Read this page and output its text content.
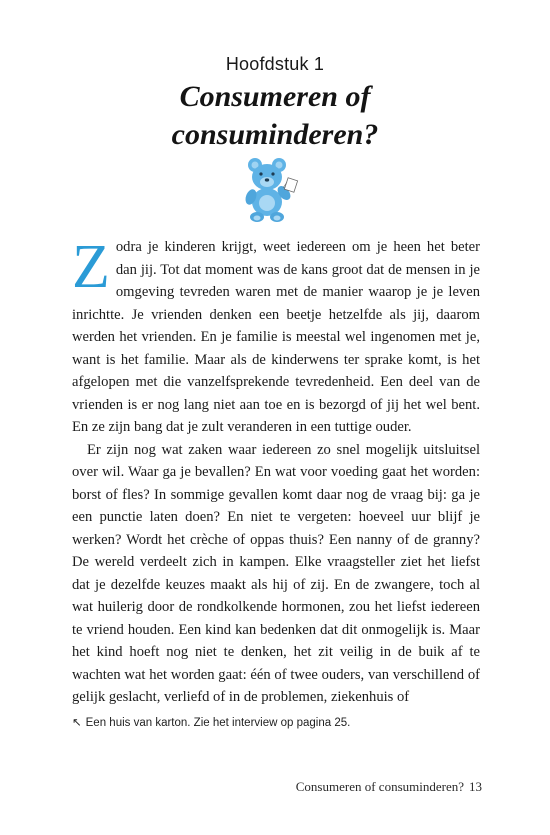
Hoofdstuk 1
Consumeren of
consuminderen?

Zodra je kinderen krijgt, weet iedereen om je heen het beter dan jij. Tot dat moment was de kans groot dat de mensen in je omgeving tevreden waren met de manier waarop je je leven inrichtte. Je vrienden denken een beetje hetzelfde als jij, daarom werden het vrienden. En je familie is meestal wel ingenomen met je, want is het familie. Maar als de kinderwens ter sprake komt, is het afgelopen met die vanzelfsprekende tevredenheid. Een deel van de vrienden is er nog lang niet aan toe en is bezorgd of jij het wel bent. En ze zijn bang dat je zult veranderen in een tuttige ouder.

Er zijn nog wat zaken waar iedereen zo snel mogelijk uitsluitsel over wil. Waar ga je bevallen? En wat voor voeding gaat het worden: borst of fles? In sommige gevallen komt daar nog de vraag bij: ga je een punctie laten doen? En niet te vergeten: hoeveel uur blijf je werken? Wordt het crèche of oppas thuis? Een nanny of de granny? De wereld verdeelt zich in kampen. Elke vraagsteller ziet het liefst dat je dezelfde keuzes maakt als hij of zij. En de zwangere, toch al wat huilerig door de rondkolkende hormonen, zou het liefst iedereen te vriend houden. Een kind kan bedenken dat dit onmogelijk is. Maar het kind hoeft nog niet te denken, het zit veilig in de buik af te wachten wat het worden gaat: één of twee ouders, van verschillend of gelijk geslacht, verliefd of in de problemen, ziekenhuis of

↖ Een huis van karton. Zie het interview op pagina 25.
Consumeren of consuminderen? 13
